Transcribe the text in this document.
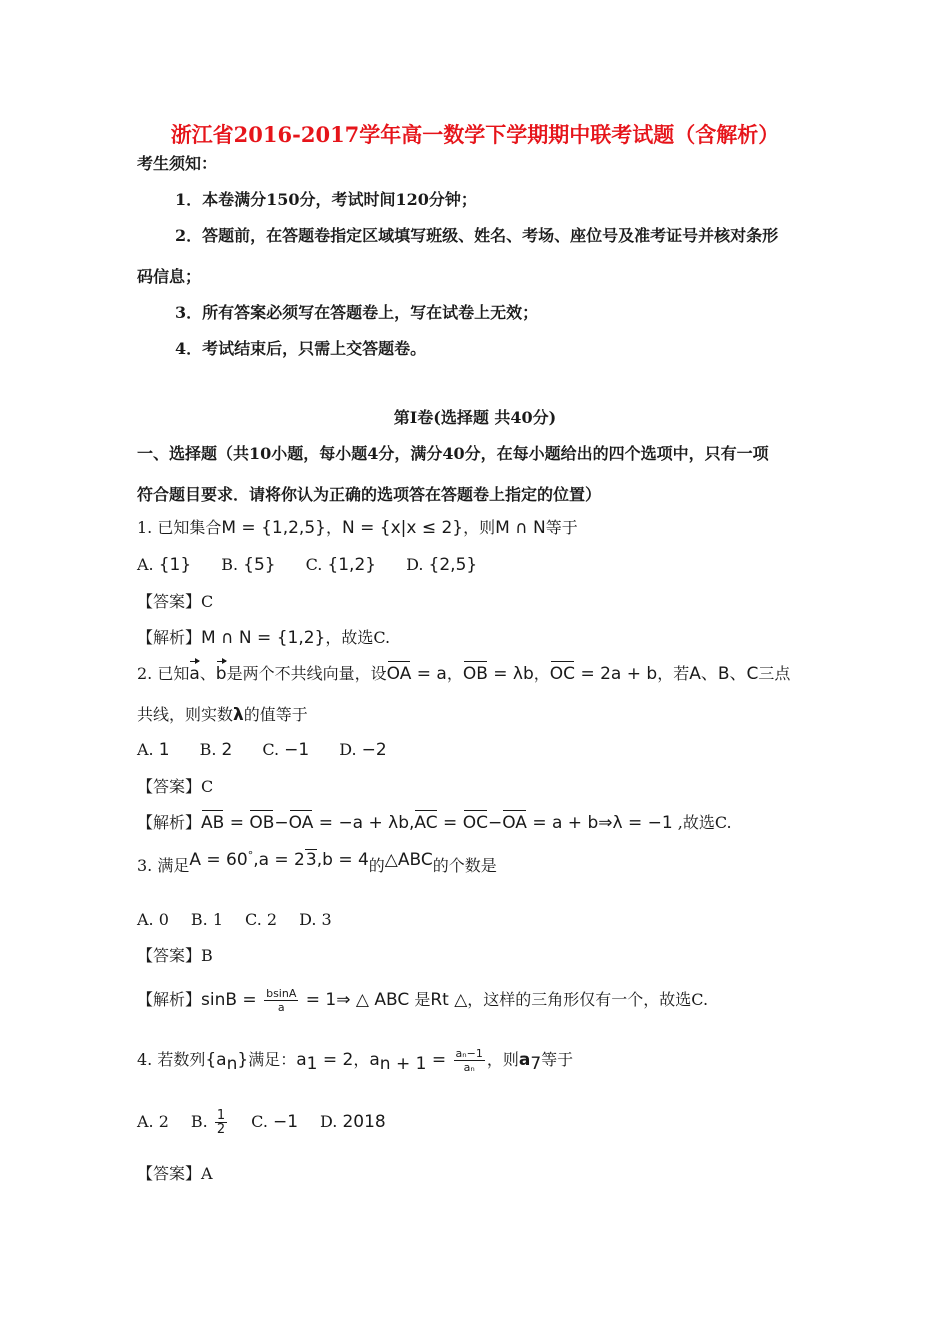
浙江省2016-2017学年高一数学下学期期中联考试题（含解析）
考生须知：
1．本卷满分150分，考试时间120分钟；
2．答题前，在答题卷指定区域填写班级、姓名、考场、座位号及准考证号并核对条形
码信息；
3．所有答案必须写在答题卷上，写在试卷上无效；
4．考试结束后，只需上交答题卷。
第Ⅰ卷(选择题 共40分)
一、选择题（共10小题，每小题4分，满分40分，在每小题给出的四个选项中，只有一项
符合题目要求．请将你认为正确的选项答在答题卷上指定的位置）
1. 已知集合M = {1,2,5}，N = {x|x ≤ 2}，则M ∩ N等于
A. {1} B. {5} C. {1,2} D. {2,5}
【答案】C
【解析】M ∩ N = {1,2}，故选C.
2. 已知a、b是两个不共线向量，设OA = a，OB = λb，OC = 2a + b，若A、B、C三点
共线，则实数λ的值等于
A. 1 B. 2 C. −1 D. −2
【答案】C
【解析】AB = OB−OA = −a + λb,AC = OC−OA = a + b⇒λ = −1 ,故选C.
3. 满足A = 60°,a = 23,b = 4的△ABC的个数是
A. 0 B. 1 C. 2 D. 3
【答案】B
【解析】$\sin B = \frac{bsinA}{a}$ = 1⇒ △ ABC 是Rt △，这样的三角形仅有一个，故选C.
4. 若数列$\{a_n\}$满足：$a_1 = 2$，$a_{n + 1} = \frac{\text{aₙ−1}}{\text{aₙ}}$ ，则$a_7$等于
A. 2 B. $\frac{1}{2} C$. −1 D. 2018
【答案】A
